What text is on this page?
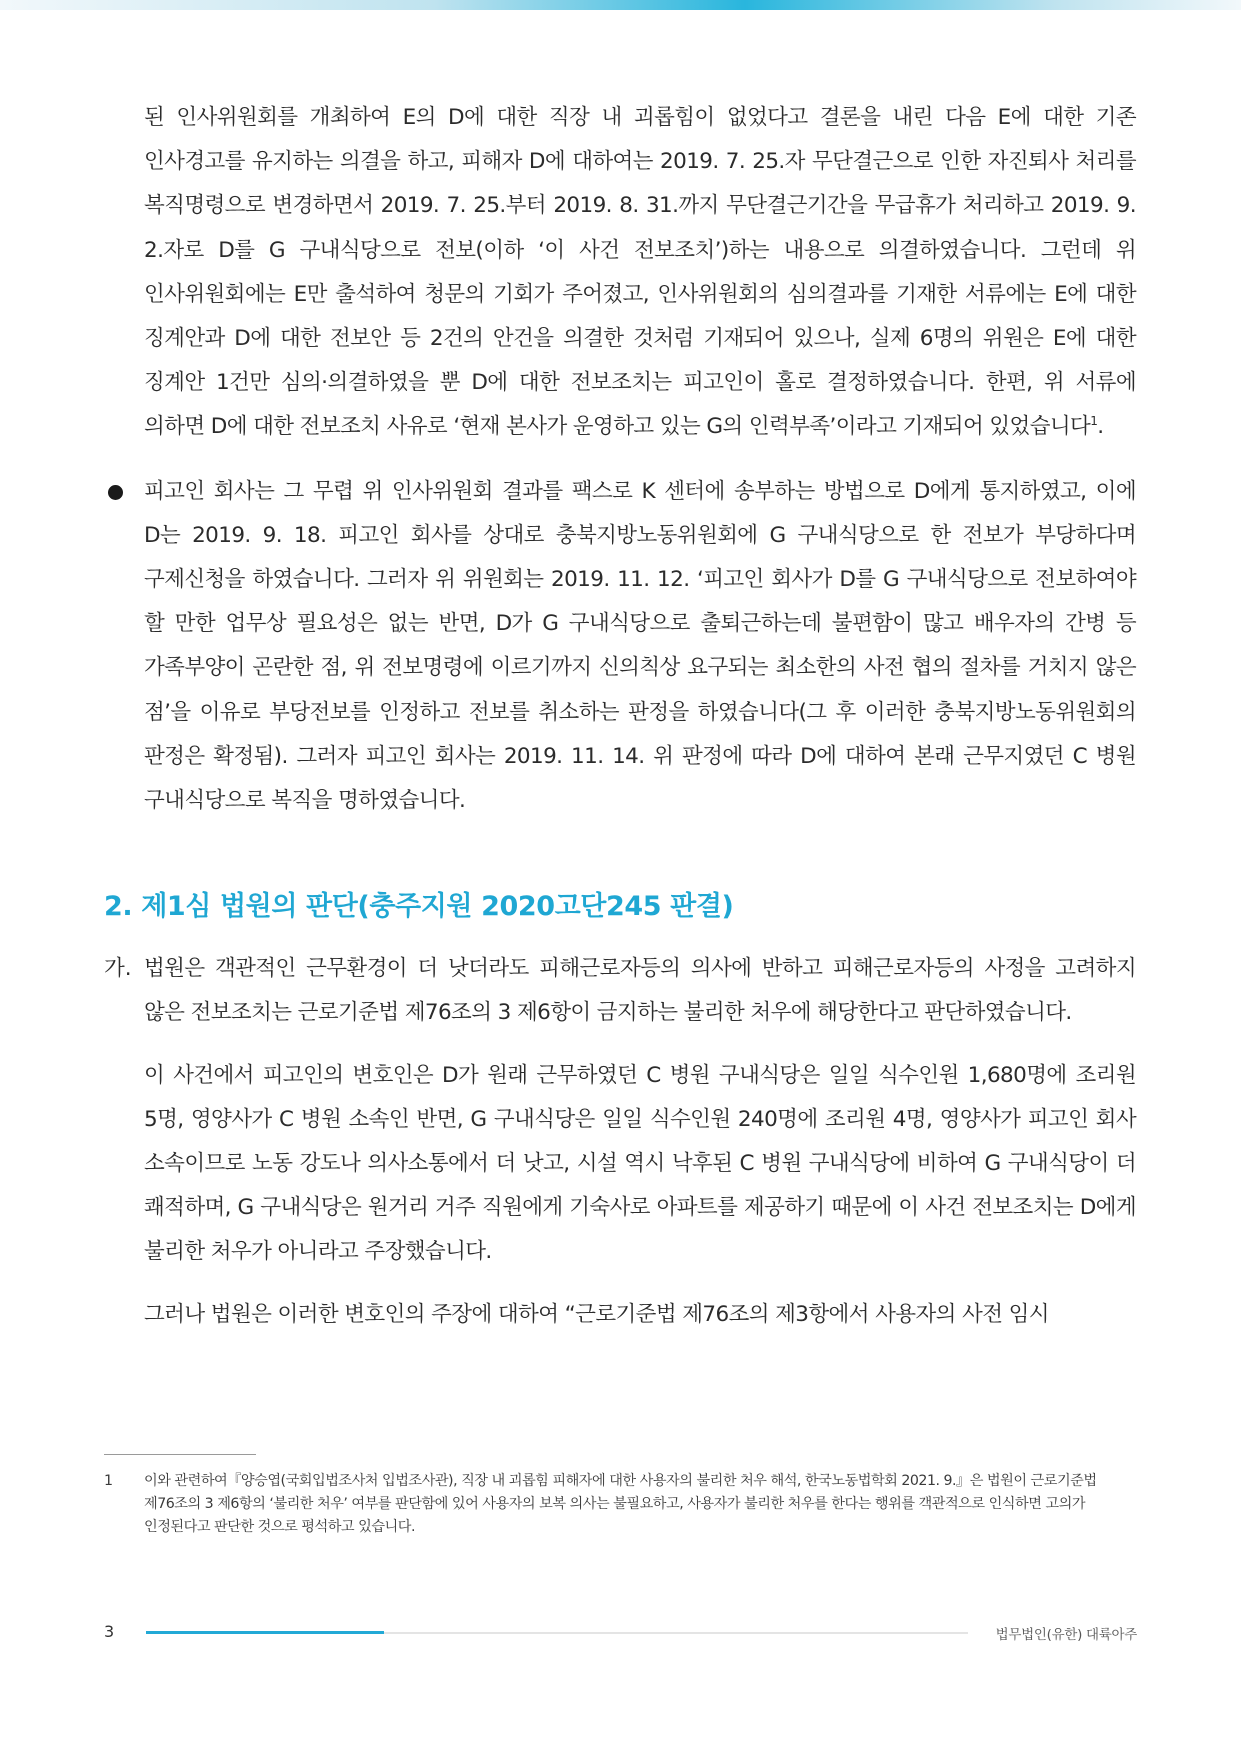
된 인사위원회를 개최하여 E의 D에 대한 직장 내 괴롭힘이 없었다고 결론을 내린 다음 E에 대한 기존 인사경고를 유지하는 의결을 하고, 피해자 D에 대하여는 2019. 7. 25.자 무단결근으로 인한 자진퇴사 처리를 복직명령으로 변경하면서 2019. 7. 25.부터 2019. 8. 31.까지 무단결근기간을 무급휴가 처리하고 2019. 9. 2.자로 D를 G 구내식당으로 전보(이하 ‘이 사건 전보조치’)하는 내용으로 의결하였습니다. 그런데 위 인사위원회에는 E만 출석하여 청문의 기회가 주어졌고, 인사위원회의 심의결과를 기재한 서류에는 E에 대한 징계안과 D에 대한 전보안 등 2건의 안건을 의결한 것처럼 기재되어 있으나, 실제 6명의 위원은 E에 대한 징계안 1건만 심의·의결하였을 뿐 D에 대한 전보조치는 피고인이 홀로 결정하였습니다. 한편, 위 서류에 의하면 D에 대한 전보조치 사유로 ‘현재 본사가 운영하고 있는 G의 인력부족’이라고 기재되어 있었습니다$^1$.

피고인 회사는 그 무렵 위 인사위원회 결과를 팩스로 K 센터에 송부하는 방법으로 D에게 통지하였고, 이에 D는 2019. 9. 18. 피고인 회사를 상대로 충북지방노동위원회에 G 구내식당으로 한 전보가 부당하다며 구제신청을 하였습니다. 그러자 위 위원회는 2019. 11. 12. ‘피고인 회사가 D를 G 구내식당으로 전보하여야 할 만한 업무상 필요성은 없는 반면, D가 G 구내식당으로 출퇴근하는데 불편함이 많고 배우자의 간병 등 가족부양이 곤란한 점, 위 전보명령에 이르기까지 신의칙상 요구되는 최소한의 사전 협의 절차를 거치지 않은 점’을 이유로 부당전보를 인정하고 전보를 취소하는 판정을 하였습니다(그 후 이러한 충북지방노동위원회의 판정은 확정됨). 그러자 피고인 회사는 2019. 11. 14. 위 판정에 따라 D에 대하여 본래 근무지였던 C 병원 구내식당으로 복직을 명하였습니다.

2. 제1심 법원의 판단(충주지원 2020고단245 판결)
가. 법원은 객관적인 근무환경이 더 낫더라도 피해근로자등의 의사에 반하고 피해근로자등의 사정을 고려하지 않은 전보조치는 근로기준법 제76조의 3 제6항이 금지하는 불리한 처우에 해당한다고 판단하였습니다.

이 사건에서 피고인의 변호인은 D가 원래 근무하였던 C 병원 구내식당은 일일 식수인원 1,680명에 조리원 5명, 영양사가 C 병원 소속인 반면, G 구내식당은 일일 식수인원 240명에 조리원 4명, 영양사가 피고인 회사 소속이므로 노동 강도나 의사소통에서 더 낫고, 시설 역시 낙후된 C 병원 구내식당에 비하여 G 구내식당이 더 쾌적하며, G 구내식당은 원거리 거주 직원에게 기숙사로 아파트를 제공하기 때문에 이 사건 전보조치는 D에게 불리한 처우가 아니라고 주장했습니다.

그러나 법원은 이러한 변호인의 주장에 대하여 “근로기준법 제76조의 제3항에서 사용자의 사전 임시

1	이와 관련하여『양승엽(국회입법조사처 입법조사관), 직장 내 괴롭힘 피해자에 대한 사용자의 불리한 처우 해석, 한국노동법학회 2021. 9.』은 법원이 근로기준법 제76조의 3 제6항의 ‘불리한 처우’ 여부를 판단함에 있어 사용자의 보복 의사는 불필요하고, 사용자가 불리한 처우를 한다는 행위를 객관적으로 인식하면 고의가 인정된다고 판단한 것으로 평석하고 있습니다.

3	법무법인(유한) 대륙아주
